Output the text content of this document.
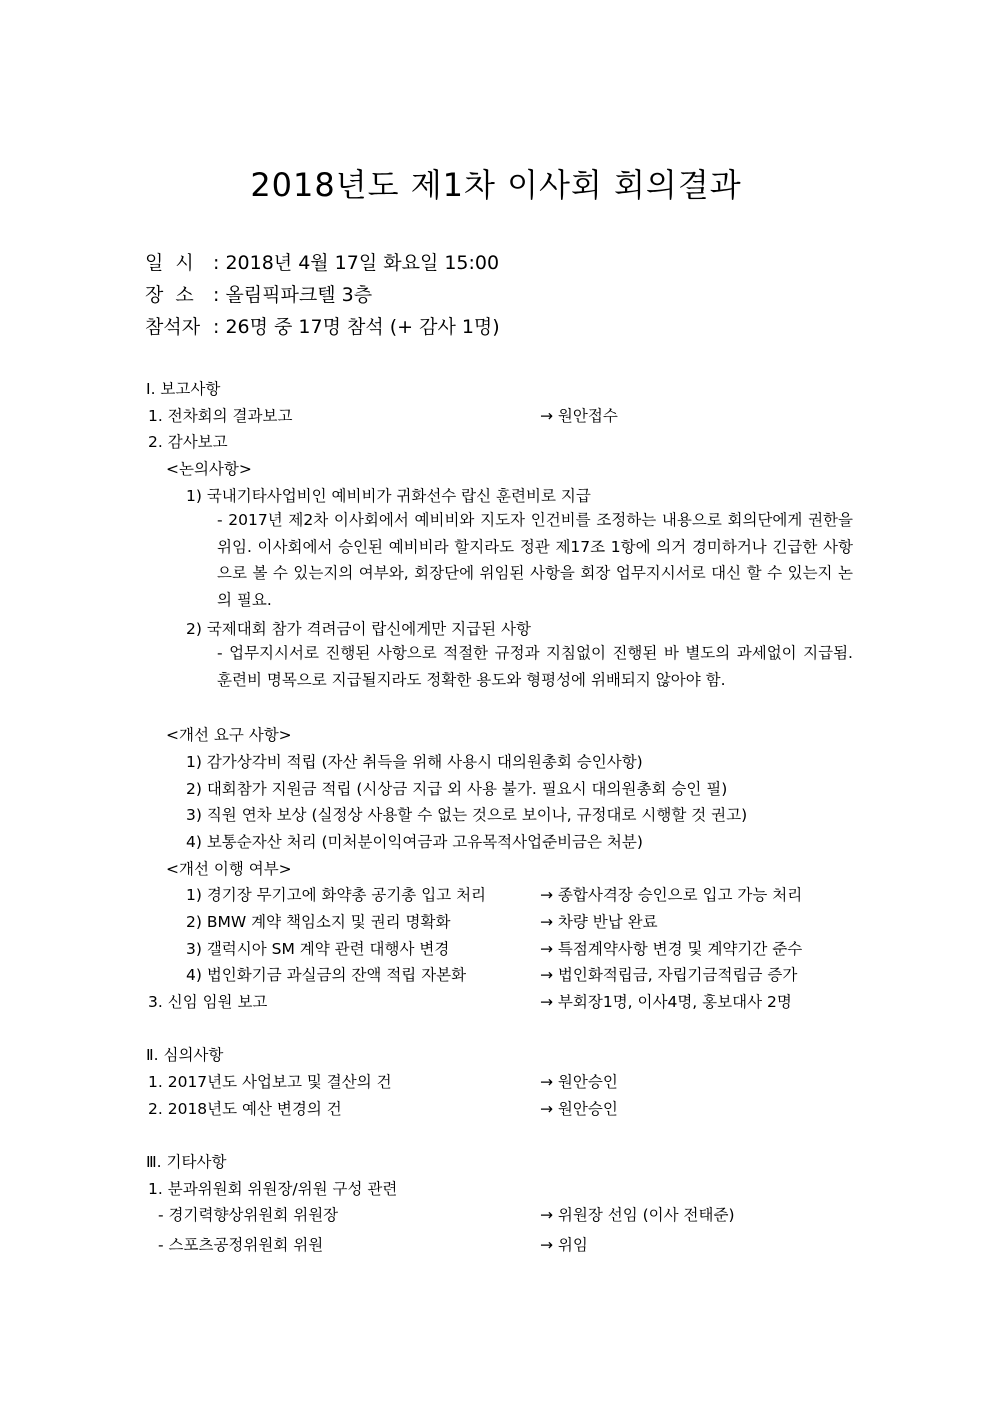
2018년도 제1차 이사회 회의결과
일  시 : 2018년 4월 17일 화요일 15:00
장  소 : 올림픽파크텔 3층
참석자 : 26명 중 17명 참석 (+ 감사 1명)
Ⅰ. 보고사항
1. 전차회의 결과보고	→ 원안접수
2. 감사보고
<논의사항>
1) 국내기타사업비인 예비비가 귀화선수 랍신 훈련비로 지급
- 2017년 제2차 이사회에서 예비비와 지도자 인건비를 조정하는 내용으로 회의단에게 권한을 위임. 이사회에서 승인된 예비비라 할지라도 정관 제17조 1항에 의거 경미하거나 긴급한 사항으로 볼 수 있는지의 여부와, 회장단에 위임된 사항을 회장 업무지시서로 대신 할 수 있는지 논의 필요.
2) 국제대회 참가 격려금이 랍신에게만 지급된 사항
- 업무지시서로 진행된 사항으로 적절한 규정과 지침없이 진행된 바 별도의 과세없이 지급됨. 훈련비 명목으로 지급될지라도 정확한 용도와 형평성에 위배되지 않아야 함.
<개선 요구 사항>
1) 감가상각비 적립 (자산 취득을 위해 사용시 대의원총회 승인사항)
2) 대회참가 지원금 적립 (시상금 지급 외 사용 불가. 필요시 대의원총회 승인 필)
3) 직원 연차 보상 (실정상 사용할 수 없는 것으로 보이나, 규정대로 시행할 것 권고)
4) 보통순자산 처리 (미처분이익여금과 고유목적사업준비금은 처분)
<개선 이행 여부>
1) 경기장 무기고에 화약총 공기총 입고 처리	→ 종합사격장 승인으로 입고 가능 처리
2) BMW 계약 책임소지 및 권리 명확화	→ 차량 반납 완료
3) 갤럭시아 SM 계약 관련 대행사 변경	→ 특점계약사항 변경 및 계약기간 준수
4) 법인화기금 과실금의 잔액 적립 자본화	→ 법인화적립금, 자립기금적립금 증가
3. 신임 임원 보고	→ 부회장1명, 이사4명, 홍보대사 2명
Ⅱ. 심의사항
1. 2017년도 사업보고 및 결산의 건	→ 원안승인
2. 2018년도 예산 변경의 건	→ 원안승인
Ⅲ. 기타사항
1. 분과위원회 위원장/위원 구성 관련
- 경기력향상위원회 위원장	→ 위원장 선임 (이사 전태준)
- 스포츠공정위원회 위원	→ 위임
